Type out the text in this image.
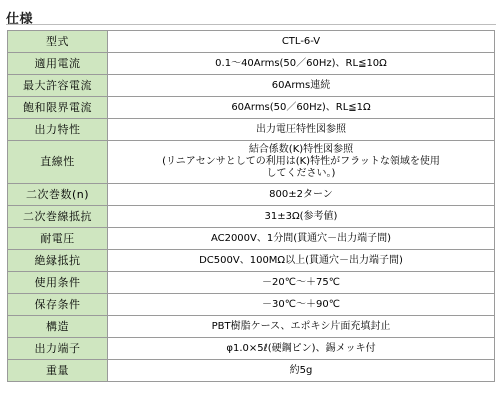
仕様
型式	CTL-6-V

適用電流	0.1～40Arms(50／60Hz)、RL≦10Ω

最大許容電流	60Arms連続

飽和限界電流	60Arms(50／60Hz)、RL≦1Ω

出力特性	出力電圧特性図参照

直線性	結合係数(K)特性図参照
(リニアセンサとしての利用は(K)特性がフラットな領域を使用
してください。)

二次巻数(n)	800±2ターン

二次巻線抵抗	31±3Ω(参考値)

耐電圧	AC2000V、1分間(貫通穴－出力端子間)

絶縁抵抗	DC500V、100MΩ以上(貫通穴－出力端子間)

使用条件	－20℃～＋75℃

保存条件	－30℃～＋90℃

構造	PBT樹脂ケース、エポキシ片面充填封止

出力端子	φ1.0×5ℓ(硬鋼ピン)、錫メッキ付

重量	約5g
